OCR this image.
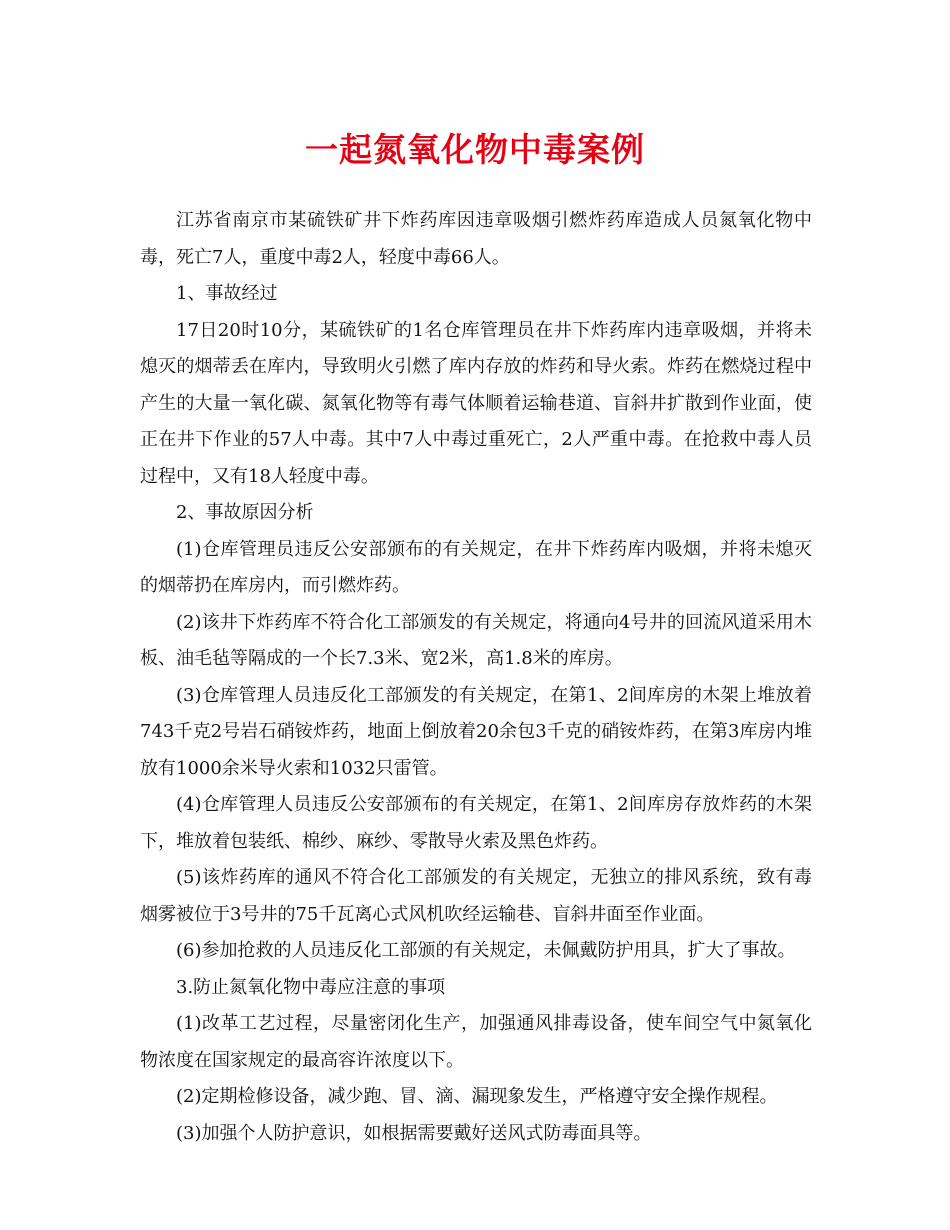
一起氮氧化物中毒案例

江苏省南京市某硫铁矿井下炸药库因违章吸烟引燃炸药库造成人员氮氧化物中毒，死亡7人，重度中毒2人，轻度中毒66人。

1、事故经过

17日20时10分，某硫铁矿的1名仓库管理员在井下炸药库内违章吸烟，并将未熄灭的烟蒂丢在库内，导致明火引燃了库内存放的炸药和导火索。炸药在燃烧过程中产生的大量一氧化碳、氮氧化物等有毒气体顺着运输巷道、盲斜井扩散到作业面，使正在井下作业的57人中毒。其中7人中毒过重死亡，2人严重中毒。在抢救中毒人员过程中，又有18人轻度中毒。

2、事故原因分析

(1)仓库管理员违反公安部颁布的有关规定，在井下炸药库内吸烟，并将未熄灭的烟蒂扔在库房内，而引燃炸药。

(2)该井下炸药库不符合化工部颁发的有关规定，将通向4号井的回流风道采用木板、油毛毡等隔成的一个长7.3米、宽2米，高1.8米的库房。

(3)仓库管理人员违反化工部颁发的有关规定，在第1、2间库房的木架上堆放着743千克2号岩石硝铵炸药，地面上倒放着20余包3千克的硝铵炸药，在第3库房内堆放有1000余米导火索和1032只雷管。

(4)仓库管理人员违反公安部颁布的有关规定，在第1、2间库房存放炸药的木架下，堆放着包装纸、棉纱、麻纱、零散导火索及黑色炸药。

(5)该炸药库的通风不符合化工部颁发的有关规定，无独立的排风系统，致有毒烟雾被位于3号井的75千瓦离心式风机吹经运输巷、盲斜井面至作业面。

(6)参加抢救的人员违反化工部颁的有关规定，未佩戴防护用具，扩大了事故。

3.防止氮氧化物中毒应注意的事项

(1)改革工艺过程，尽量密闭化生产，加强通风排毒设备，使车间空气中氮氧化物浓度在国家规定的最高容许浓度以下。

(2)定期检修设备，减少跑、冒、滴、漏现象发生，严格遵守安全操作规程。

(3)加强个人防护意识，如根据需要戴好送风式防毒面具等。
